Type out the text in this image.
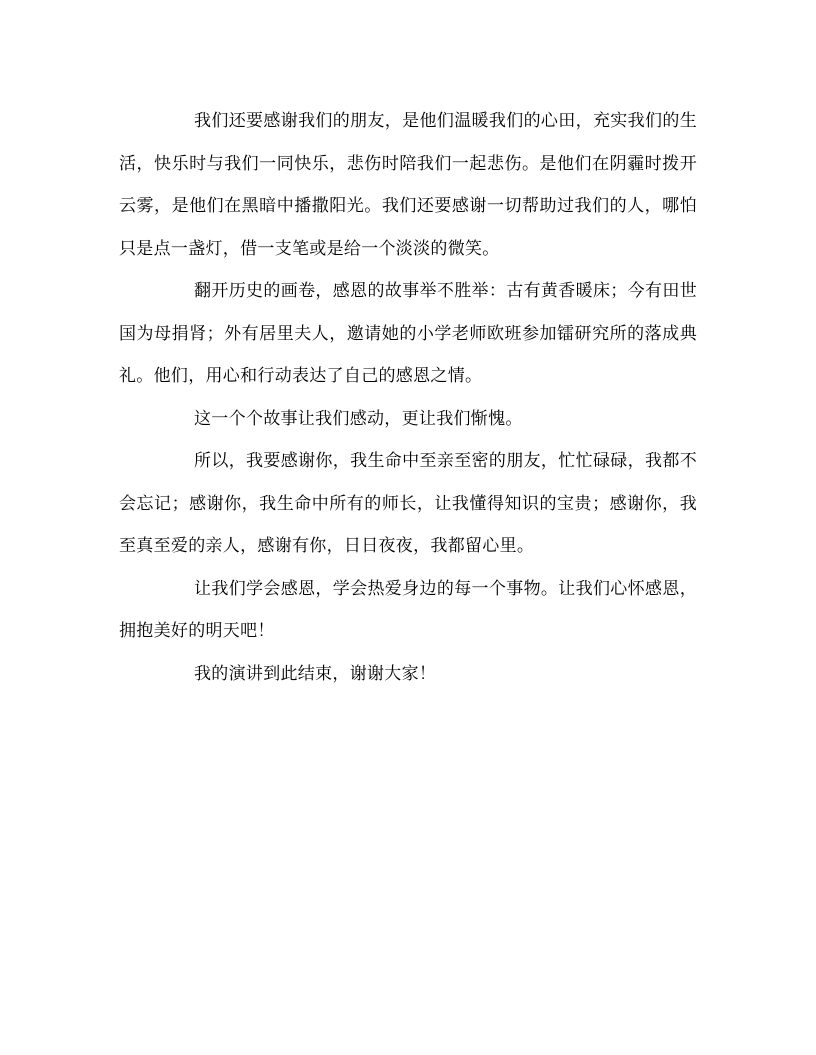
我们还要感谢我们的朋友，是他们温暖我们的心田，充实我们的生活，快乐时与我们一同快乐，悲伤时陪我们一起悲伤。是他们在阴霾时拨开云雾，是他们在黑暗中播撒阳光。我们还要感谢一切帮助过我们的人，哪怕只是点一盏灯，借一支笔或是给一个淡淡的微笑。

翻开历史的画卷，感恩的故事举不胜举：古有黄香暖床；今有田世国为母捐肾；外有居里夫人，邀请她的小学老师欧班参加镭研究所的落成典礼。他们，用心和行动表达了自己的感恩之情。

这一个个故事让我们感动，更让我们惭愧。

所以，我要感谢你，我生命中至亲至密的朋友，忙忙碌碌，我都不会忘记；感谢你，我生命中所有的师长，让我懂得知识的宝贵；感谢你，我至真至爱的亲人，感谢有你，日日夜夜，我都留心里。

让我们学会感恩，学会热爱身边的每一个事物。让我们心怀感恩，拥抱美好的明天吧！

我的演讲到此结束，谢谢大家！
